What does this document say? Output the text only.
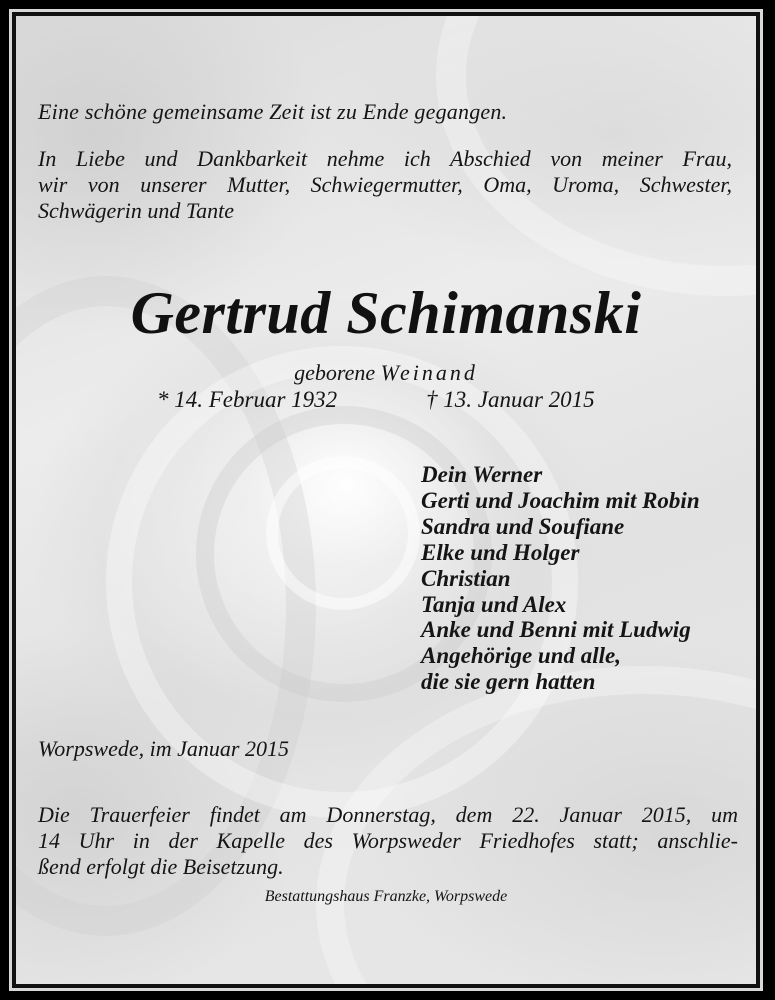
Eine schöne gemeinsame Zeit ist zu Ende gegangen.
In Liebe und Dankbarkeit nehme ich Abschied von meiner Frau,
wir von unserer Mutter, Schwiegermutter, Oma, Uroma, Schwester,
Schwägerin und Tante
Gertrud Schimanski
geborene Weinand
* 14. Februar 1932	† 13. Januar 2015
Dein Werner
Gerti und Joachim mit Robin
Sandra und Soufiane
Elke und Holger
Christian
Tanja und Alex
Anke und Benni mit Ludwig
Angehörige und alle,
die sie gern hatten
Worpswede, im Januar 2015
Die Trauerfeier findet am Donnerstag, dem 22. Januar 2015, um
14 Uhr in der Kapelle des Worpsweder Friedhofes statt; anschlie-
ßend erfolgt die Beisetzung.
Bestattungshaus Franzke, Worpswede
